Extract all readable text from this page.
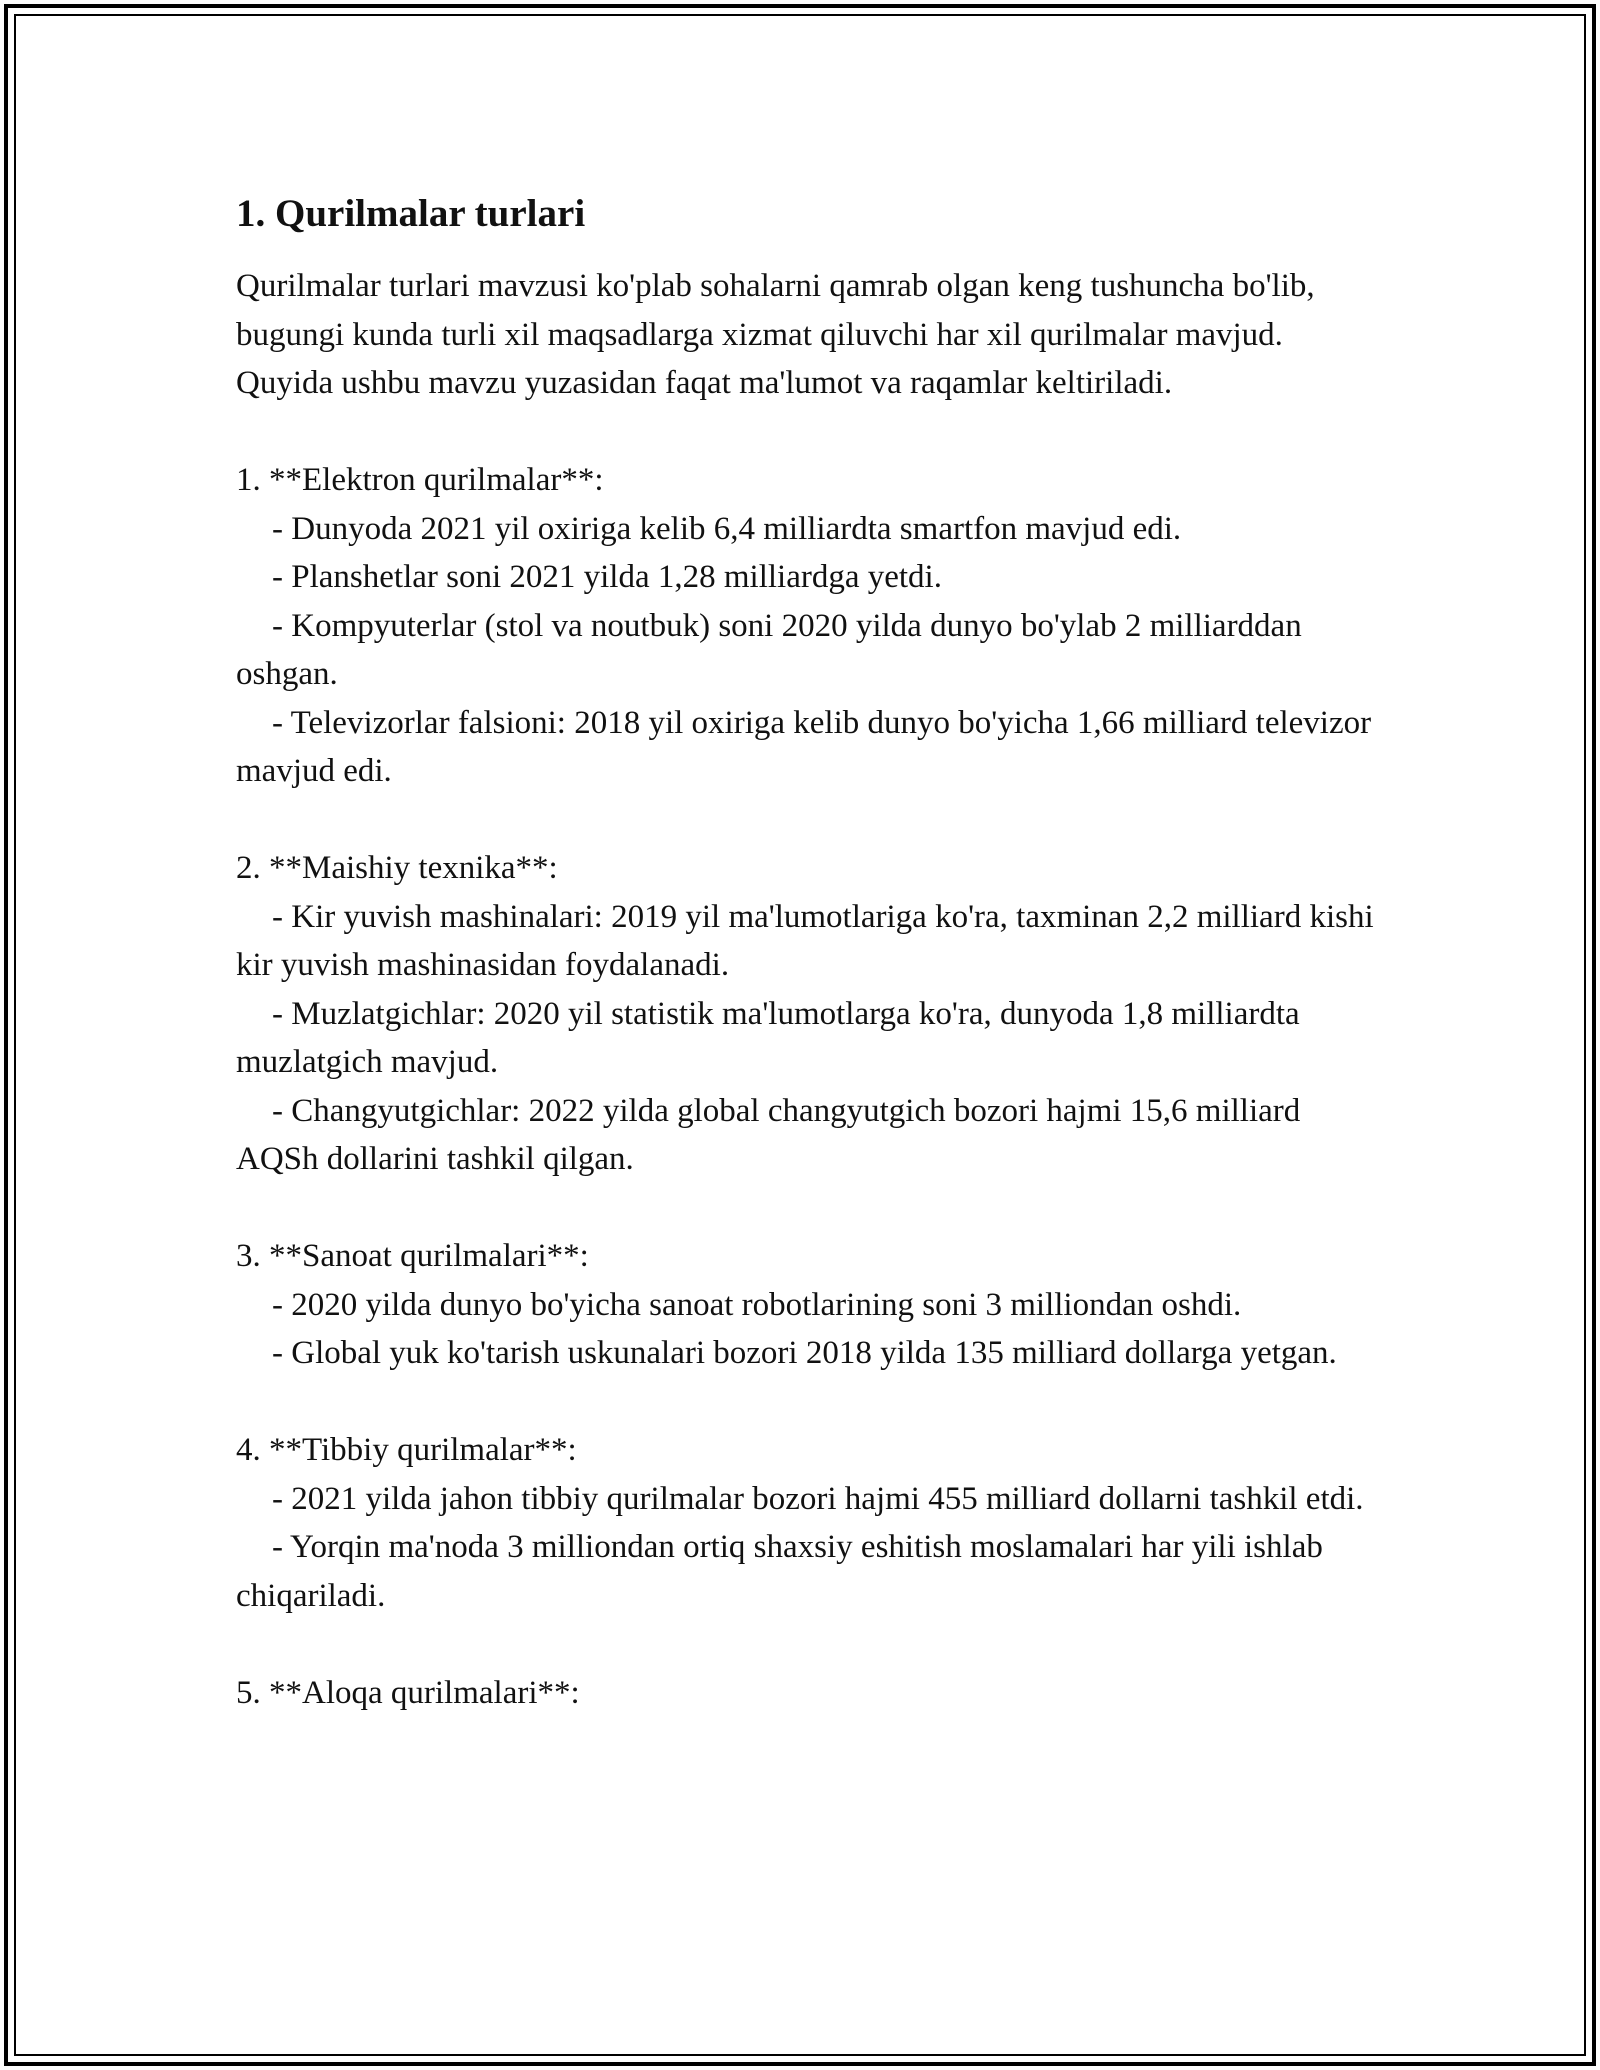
1. Qurilmalar turlari

Qurilmalar turlari mavzusi ko'plab sohalarni qamrab olgan keng tushuncha bo'lib, bugungi kunda turli xil maqsadlarga xizmat qiluvchi har xil qurilmalar mavjud. Quyida ushbu mavzu yuzasidan faqat ma'lumot va raqamlar keltiriladi.

1. **Elektron qurilmalar**:
- Dunyoda 2021 yil oxiriga kelib 6,4 milliardta smartfon mavjud edi.
- Planshetlar soni 2021 yilda 1,28 milliardga yetdi.
- Kompyuterlar (stol va noutbuk) soni 2020 yilda dunyo bo'ylab 2 milliarddan oshgan.
- Televizorlar falsioni: 2018 yil oxiriga kelib dunyo bo'yicha 1,66 milliard televizor mavjud edi.
2. **Maishiy texnika**:
- Kir yuvish mashinalari: 2019 yil ma'lumotlariga ko'ra, taxminan 2,2 milliard kishi kir yuvish mashinasidan foydalanadi.
- Muzlatgichlar: 2020 yil statistik ma'lumotlarga ko'ra, dunyoda 1,8 milliardta muzlatgich mavjud.
- Changyutgichlar: 2022 yilda global changyutgich bozori hajmi 15,6 milliard AQSh dollarini tashkil qilgan.
3. **Sanoat qurilmalari**:
- 2020 yilda dunyo bo'yicha sanoat robotlarining soni 3 milliondan oshdi.
- Global yuk ko'tarish uskunalari bozori 2018 yilda 135 milliard dollarga yetgan.
4. **Tibbiy qurilmalar**:
- 2021 yilda jahon tibbiy qurilmalar bozori hajmi 455 milliard dollarni tashkil etdi.
- Yorqin ma'noda 3 milliondan ortiq shaxsiy eshitish moslamalari har yili ishlab chiqariladi.
5. **Aloqa qurilmalari**:
